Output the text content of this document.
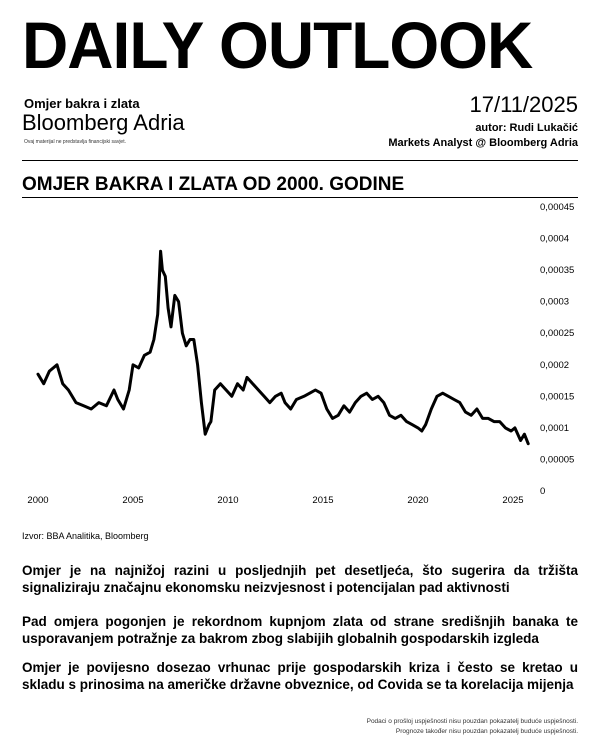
DAILY OUTLOOK
Omjer bakra i zlata
Bloomberg Adria
Ovaj materijal ne predstavlja financijski savjet.
17/11/2025
autor: Rudi Lukačić
Markets Analyst @ Bloomberg Adria
OMJER BAKRA I ZLATA OD 2000. GODINE
0
0,00005
0,0001
0,00015
0,0002
0,00025
0,0003
0,00035
0,0004
0,00045
2000	2005	2010	2015	2020	2025
Izvor: BBA Analitika, Bloomberg
Omjer je na najnižoj razini u posljednjih pet desetljeća, što sugerira da tržišta signaliziraju značajnu ekonomsku neizvjesnost i potencijalan pad aktivnosti
Pad omjera pogonjen je rekordnom kupnjom zlata od strane središnjih banaka te usporavanjem potražnje za bakrom zbog slabijih globalnih gospodarskih izgleda
Omjer je povijesno dosezao vrhunac prije gospodarskih kriza i često se kretao u skladu s prinosima na američke državne obveznice, od Covida se ta korelacija mijenja
Podaci o prošloj uspješnosti nisu pouzdan pokazatelj buduće uspješnosti.
Prognoze također nisu pouzdan pokazatelj buduće uspješnosti.
